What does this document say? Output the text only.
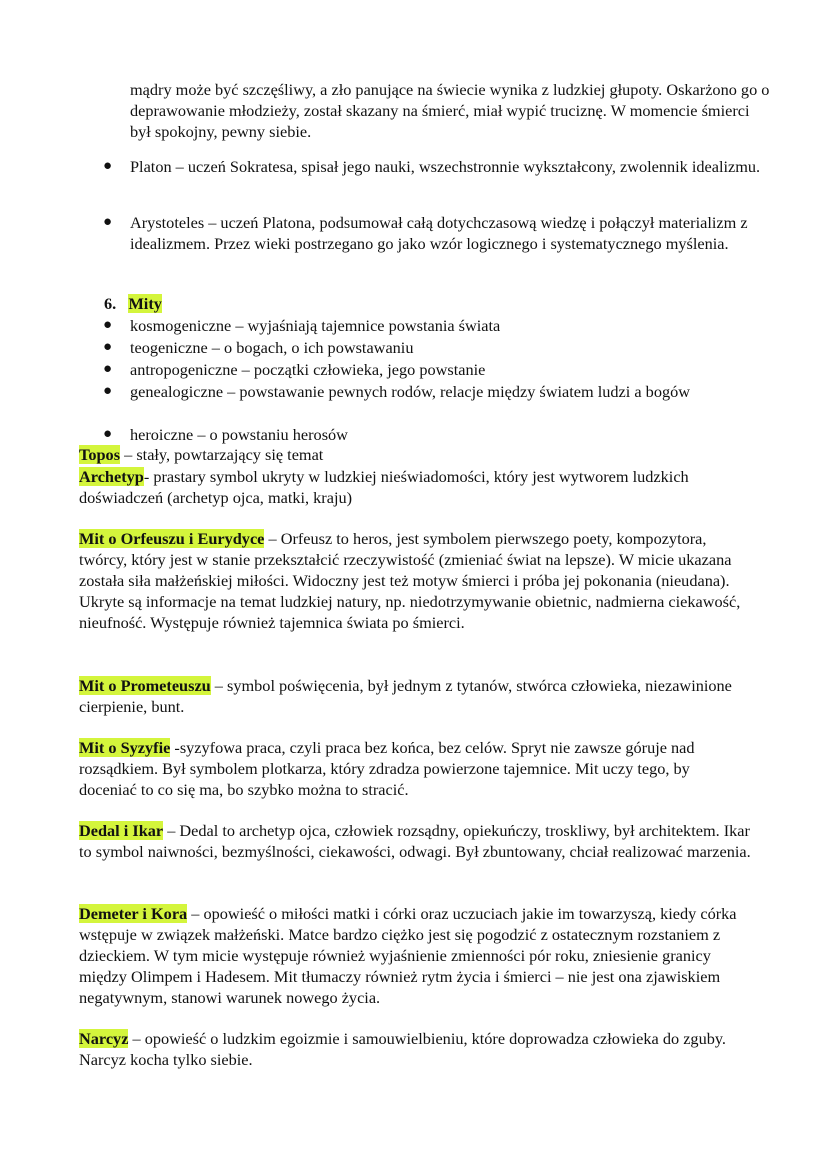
mądry może być szczęśliwy, a zło panujące na świecie wynika z ludzkiej głupoty. Oskarżono go o deprawowanie młodzieży, został skazany na śmierć, miał wypić truciznę. W momencie śmierci był spokojny, pewny siebie.

● Platon – uczeń Sokratesa, spisał jego nauki, wszechstronnie wykształcony, zwolennik idealizmu.

● Arystoteles – uczeń Platona, podsumował całą dotychczasową wiedzę i połączył materializm z idealizmem. Przez wieki postrzegano go jako wzór logicznego i systematycznego myślenia.

6. Mity

● kosmogeniczne – wyjaśniają tajemnice powstania świata

● teogeniczne – o bogach, o ich powstawaniu

● antropogeniczne – początki człowieka, jego powstanie

● genealogiczne – powstawanie pewnych rodów, relacje między światem ludzi a bogów

● heroiczne – o powstaniu herosów

Topos – stały, powtarzający się temat

Archetyp- prastary symbol ukryty w ludzkiej nieświadomości, który jest wytworem ludzkich doświadczeń (archetyp ojca, matki, kraju)

Mit o Orfeuszu i Eurydyce – Orfeusz to heros, jest symbolem pierwszego poety, kompozytora, twórcy, który jest w stanie przekształcić rzeczywistość (zmieniać świat na lepsze). W micie ukazana została siła małżeńskiej miłości. Widoczny jest też motyw śmierci i próba jej pokonania (nieudana). Ukryte są informacje na temat ludzkiej natury, np. niedotrzymywanie obietnic, nadmierna ciekawość, nieufność. Występuje również tajemnica świata po śmierci.

Mit o Prometeuszu – symbol poświęcenia, był jednym z tytanów, stwórca człowieka, niezawinione cierpienie, bunt.

Mit o Syzyfie -syzyfowa praca, czyli praca bez końca, bez celów. Spryt nie zawsze góruje nad rozsądkiem. Był symbolem plotkarza, który zdradza powierzone tajemnice. Mit uczy tego, by doceniać to co się ma, bo szybko można to stracić.

Dedal i Ikar – Dedal to archetyp ojca, człowiek rozsądny, opiekuńczy, troskliwy, był architektem. Ikar to symbol naiwności, bezmyślności, ciekawości, odwagi. Był zbuntowany, chciał realizować marzenia.

Demeter i Kora – opowieść o miłości matki i córki oraz uczuciach jakie im towarzyszą, kiedy córka wstępuje w związek małżeński. Matce bardzo ciężko jest się pogodzić z ostatecznym rozstaniem z dzieckiem. W tym micie występuje również wyjaśnienie zmienności pór roku, zniesienie granicy między Olimpem i Hadesem. Mit tłumaczy również rytm życia i śmierci – nie jest ona zjawiskiem negatywnym, stanowi warunek nowego życia.

Narcyz – opowieść o ludzkim egoizmie i samouwielbieniu, które doprowadza człowieka do zguby. Narcyz kocha tylko siebie.
